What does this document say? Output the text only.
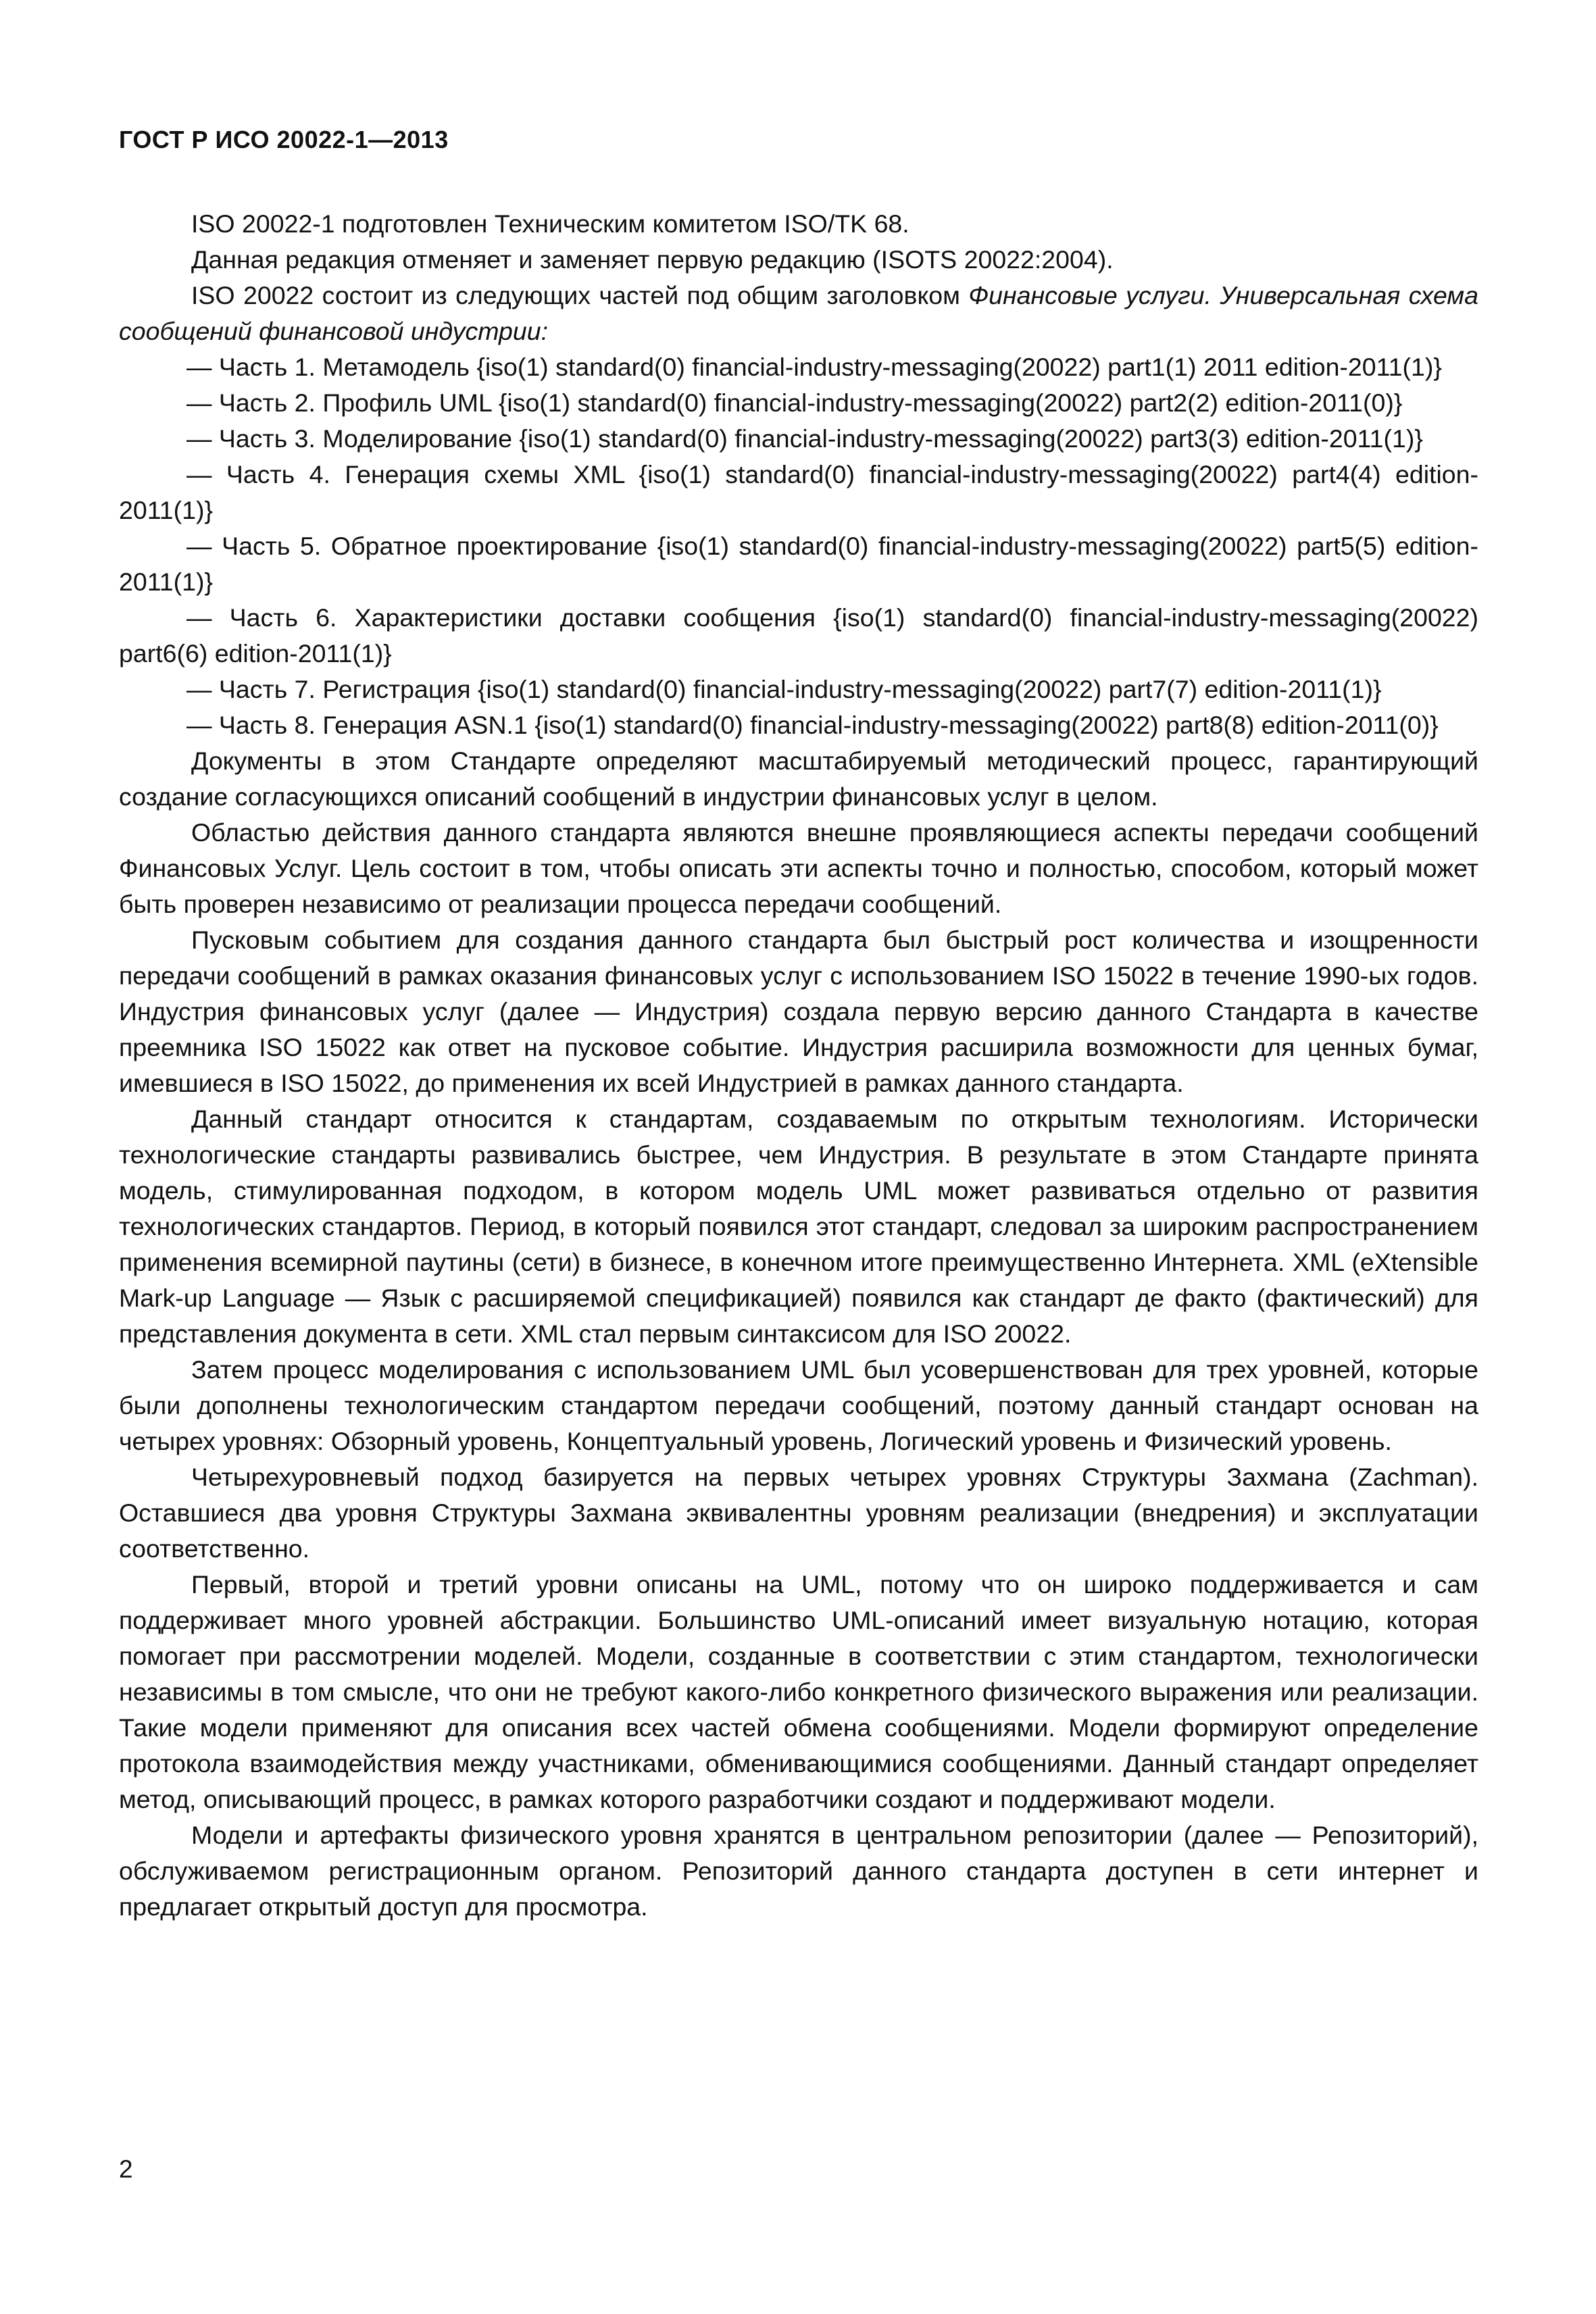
ГОСТ Р ИСО 20022-1—2013

ISO 20022-1 подготовлен Техническим комитетом ISO/TK 68.

Данная редакция отменяет и заменяет первую редакцию (ISOTS 20022:2004).

ISO 20022 состоит из следующих частей под общим заголовком Финансовые услуги. Универсальная схема сообщений финансовой индустрии:

— Часть 1. Метамодель {iso(1) standard(0) financial-industry-messaging(20022) part1(1) 2011 edition-2011(1)}

— Часть 2. Профиль UML {iso(1) standard(0) financial-industry-messaging(20022) part2(2) edition-2011(0)}

— Часть 3. Моделирование {iso(1) standard(0) financial-industry-messaging(20022) part3(3) edition-2011(1)}

— Часть 4. Генерация схемы XML {iso(1) standard(0) financial-industry-messaging(20022) part4(4) edition-2011(1)}

— Часть 5. Обратное проектирование {iso(1) standard(0) financial-industry-messaging(20022) part5(5) edition-2011(1)}

— Часть 6. Характеристики доставки сообщения {iso(1) standard(0) financial-industry-messaging(20022) part6(6) edition-2011(1)}

— Часть 7. Регистрация {iso(1) standard(0) financial-industry-messaging(20022) part7(7) edition-2011(1)}

— Часть 8. Генерация ASN.1 {iso(1) standard(0) financial-industry-messaging(20022) part8(8) edition-2011(0)}

Документы в этом Стандарте определяют масштабируемый методический процесс, гарантирующий создание согласующихся описаний сообщений в индустрии финансовых услуг в целом.

Областью действия данного стандарта являются внешне проявляющиеся аспекты передачи сообщений Финансовых Услуг. Цель состоит в том, чтобы описать эти аспекты точно и полностью, способом, который может быть проверен независимо от реализации процесса передачи сообщений.

Пусковым событием для создания данного стандарта был быстрый рост количества и изощренности передачи сообщений в рамках оказания финансовых услуг с использованием ISO 15022 в течение 1990-ых годов. Индустрия финансовых услуг (далее — Индустрия) создала первую версию данного Стандарта в качестве преемника ISO 15022 как ответ на пусковое событие. Индустрия расширила возможности для ценных бумаг, имевшиеся в ISO 15022, до применения их всей Индустрией в рамках данного стандарта.

Данный стандарт относится к стандартам, создаваемым по открытым технологиям. Исторически технологические стандарты развивались быстрее, чем Индустрия. В результате в этом Стандарте принята модель, стимулированная подходом, в котором модель UML может развиваться отдельно от развития технологических стандартов. Период, в который появился этот стандарт, следовал за широким распространением применения всемирной паутины (сети) в бизнесе, в конечном итоге преимущественно Интернета. XML (eXtensible Mark-up Language — Язык с расширяемой спецификацией) появился как стандарт де факто (фактический) для представления документа в сети. XML стал первым синтаксисом для ISO 20022.

Затем процесс моделирования с использованием UML был усовершенствован для трех уровней, которые были дополнены технологическим стандартом передачи сообщений, поэтому данный стандарт основан на четырех уровнях: Обзорный уровень, Концептуальный уровень, Логический уровень и Физический уровень.

Четырехуровневый подход базируется на первых четырех уровнях Структуры Захмана (Zachman). Оставшиеся два уровня Структуры Захмана эквивалентны уровням реализации (внедрения) и эксплуатации соответственно.

Первый, второй и третий уровни описаны на UML, потому что он широко поддерживается и сам поддерживает много уровней абстракции. Большинство UML-описаний имеет визуальную нотацию, которая помогает при рассмотрении моделей. Модели, созданные в соответствии с этим стандартом, технологически независимы в том смысле, что они не требуют какого-либо конкретного физического выражения или реализации. Такие модели применяют для описания всех частей обмена сообщениями. Модели формируют определение протокола взаимодействия между участниками, обменивающимися сообщениями. Данный стандарт определяет метод, описывающий процесс, в рамках которого разработчики создают и поддерживают модели.

Модели и артефакты физического уровня хранятся в центральном репозитории (далее — Репозиторий), обслуживаемом регистрационным органом. Репозиторий данного стандарта доступен в сети интернет и предлагает открытый доступ для просмотра.

2
